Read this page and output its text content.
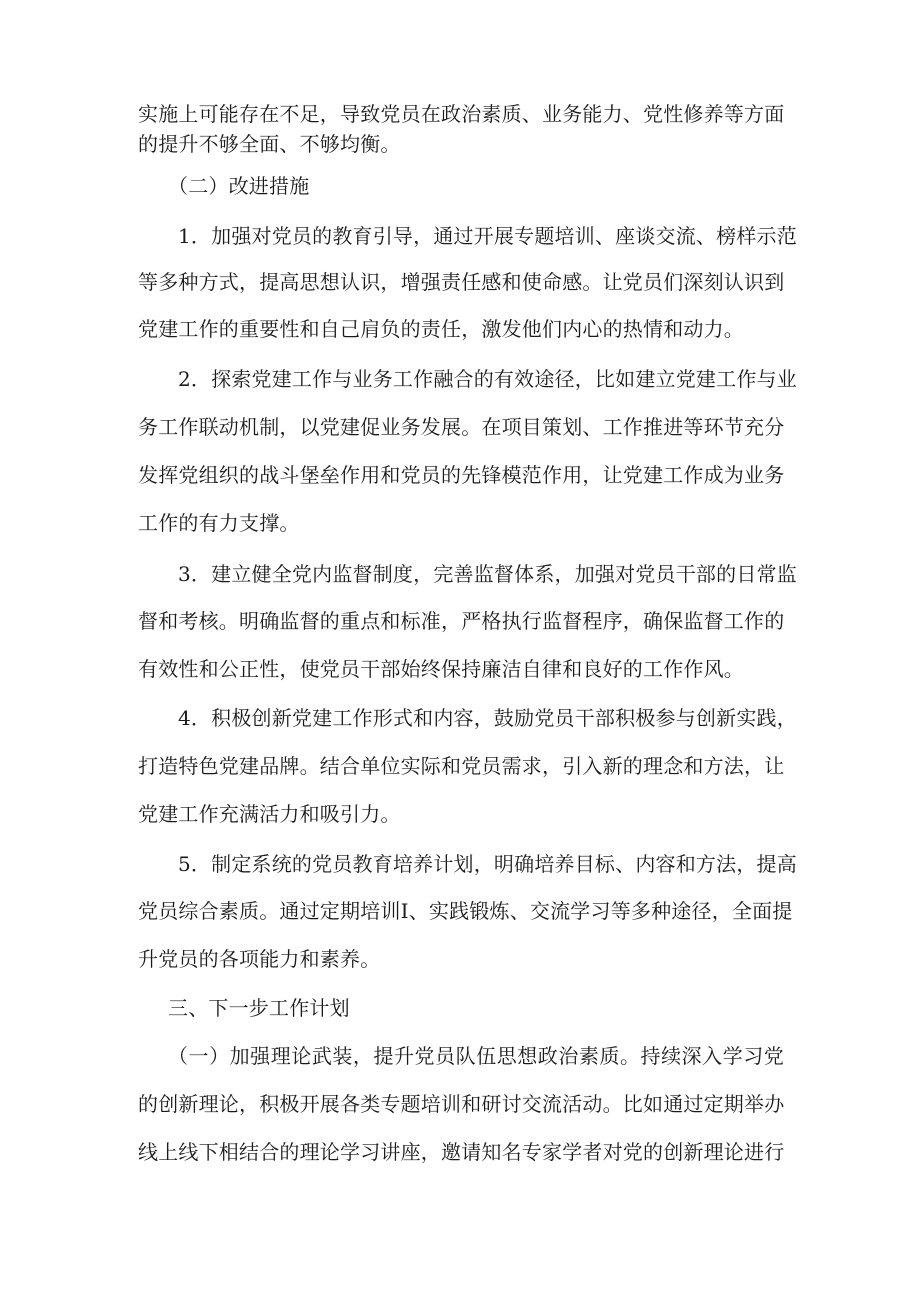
实施上可能存在不足，导致党员在政治素质、业务能力、党性修养等方面
的提升不够全面、不够均衡。
（二）改进措施
1．加强对党员的教育引导，通过开展专题培训、座谈交流、榜样示范
等多种方式，提高思想认识，增强责任感和使命感。让党员们深刻认识到
党建工作的重要性和自己肩负的责任，激发他们内心的热情和动力。
2．探索党建工作与业务工作融合的有效途径，比如建立党建工作与业
务工作联动机制，以党建促业务发展。在项目策划、工作推进等环节充分
发挥党组织的战斗堡垒作用和党员的先锋模范作用，让党建工作成为业务
工作的有力支撑。
3．建立健全党内监督制度，完善监督体系，加强对党员干部的日常监
督和考核。明确监督的重点和标准，严格执行监督程序，确保监督工作的
有效性和公正性，使党员干部始终保持廉洁自律和良好的工作作风。
4．积极创新党建工作形式和内容，鼓励党员干部积极参与创新实践，
打造特色党建品牌。结合单位实际和党员需求，引入新的理念和方法，让
党建工作充满活力和吸引力。
5．制定系统的党员教育培养计划，明确培养目标、内容和方法，提高
党员综合素质。通过定期培训I、实践锻炼、交流学习等多种途径，全面提
升党员的各项能力和素养。
三、下一步工作计划
（一）加强理论武装，提升党员队伍思想政治素质。持续深入学习党
的创新理论，积极开展各类专题培训和研讨交流活动。比如通过定期举办
线上线下相结合的理论学习讲座，邀请知名专家学者对党的创新理论进行
